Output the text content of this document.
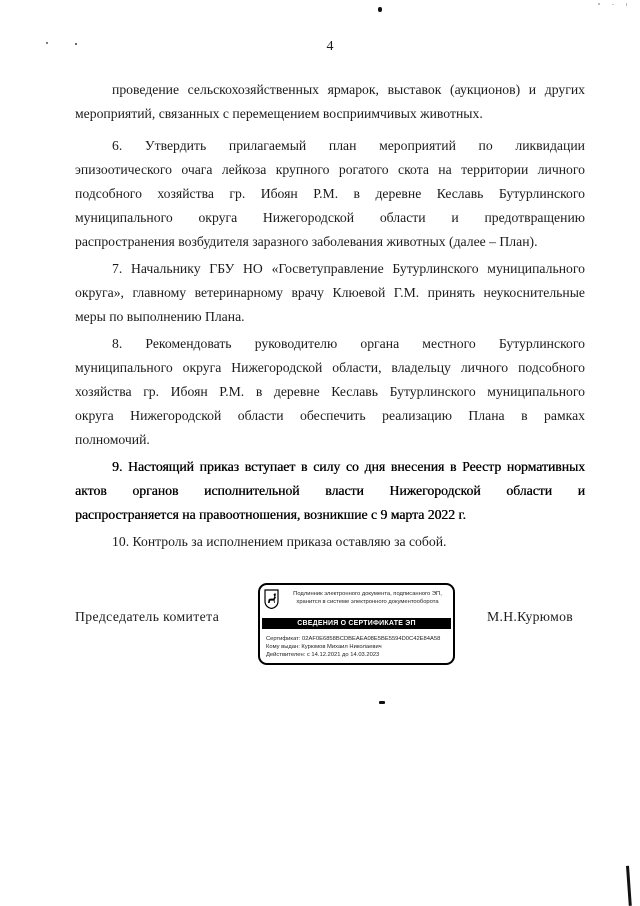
4
проведение сельскохозяйственных ярмарок, выставок (аукционов) и других
мероприятий, связанных с перемещением восприимчивых животных.
6. Утвердить прилагаемый план мероприятий по ликвидации
эпизоотического очага лейкоза крупного рогатого скота на территории личного
подсобного хозяйства гр. Ибоян Р.М. в деревне Кеславь Бутурлинского
муниципального округа Нижегородской области и предотвращению
распространения возбудителя заразного заболевания животных (далее – План).
7. Начальнику ГБУ НО «Госветуправление Бутурлинского муниципального
округа», главному ветеринарному врачу Клюевой Г.М. принять неукоснительные
меры по выполнению Плана.
8. Рекомендовать руководителю органа местного Бутурлинского
муниципального округа Нижегородской области, владельцу личного подсобного
хозяйства гр. Ибоян Р.М. в деревне Кеславь Бутурлинского муниципального
округа Нижегородской области обеспечить реализацию Плана в рамках
полномочий.
9. Настоящий приказ вступает в силу со дня внесения в Реестр нормативных
актов органов исполнительной власти Нижегородской области и
распространяется на правоотношения, возникшие с 9 марта 2022 г.
10. Контроль за исполнением приказа оставляю за собой.
Председатель комитета
Подлинник электронного документа, подписанного ЭП,
хранится в системе электронного документооборота
СВЕДЕНИЯ О СЕРТИФИКАТЕ ЭП
Сертификат: 02AF0E6858BCDBEAEA08E5BE5594D0C42E84A58
Кому выдан: Курюмов Михаил Николаевич
Действителен: с 14.12.2021 до 14.03.2023
М.Н.Курюмов
